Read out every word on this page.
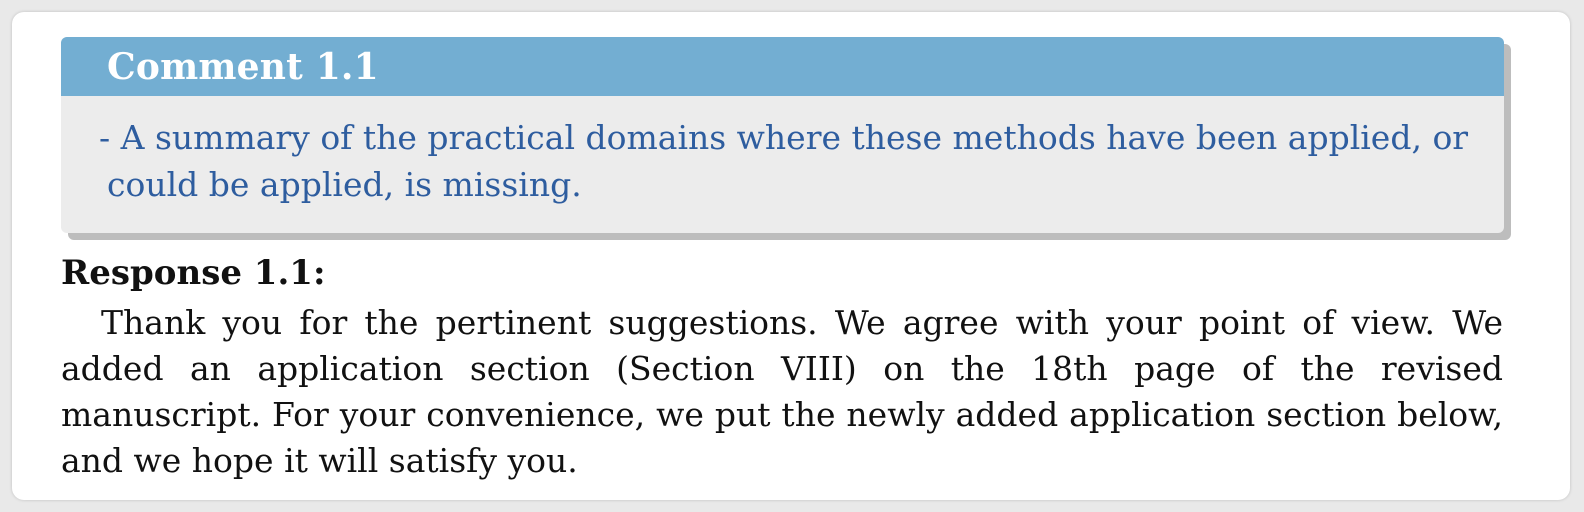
Comment 1.1
- A summary of the practical domains where these methods have been applied, or
could be applied, is missing.
Response 1.1:
Thank you for the pertinent suggestions. We agree with your point of view. We added an application section (Section VIII) on the 18th page of the revised manuscript. For your convenience, we put the newly added application section below, and we hope it will satisfy you.
